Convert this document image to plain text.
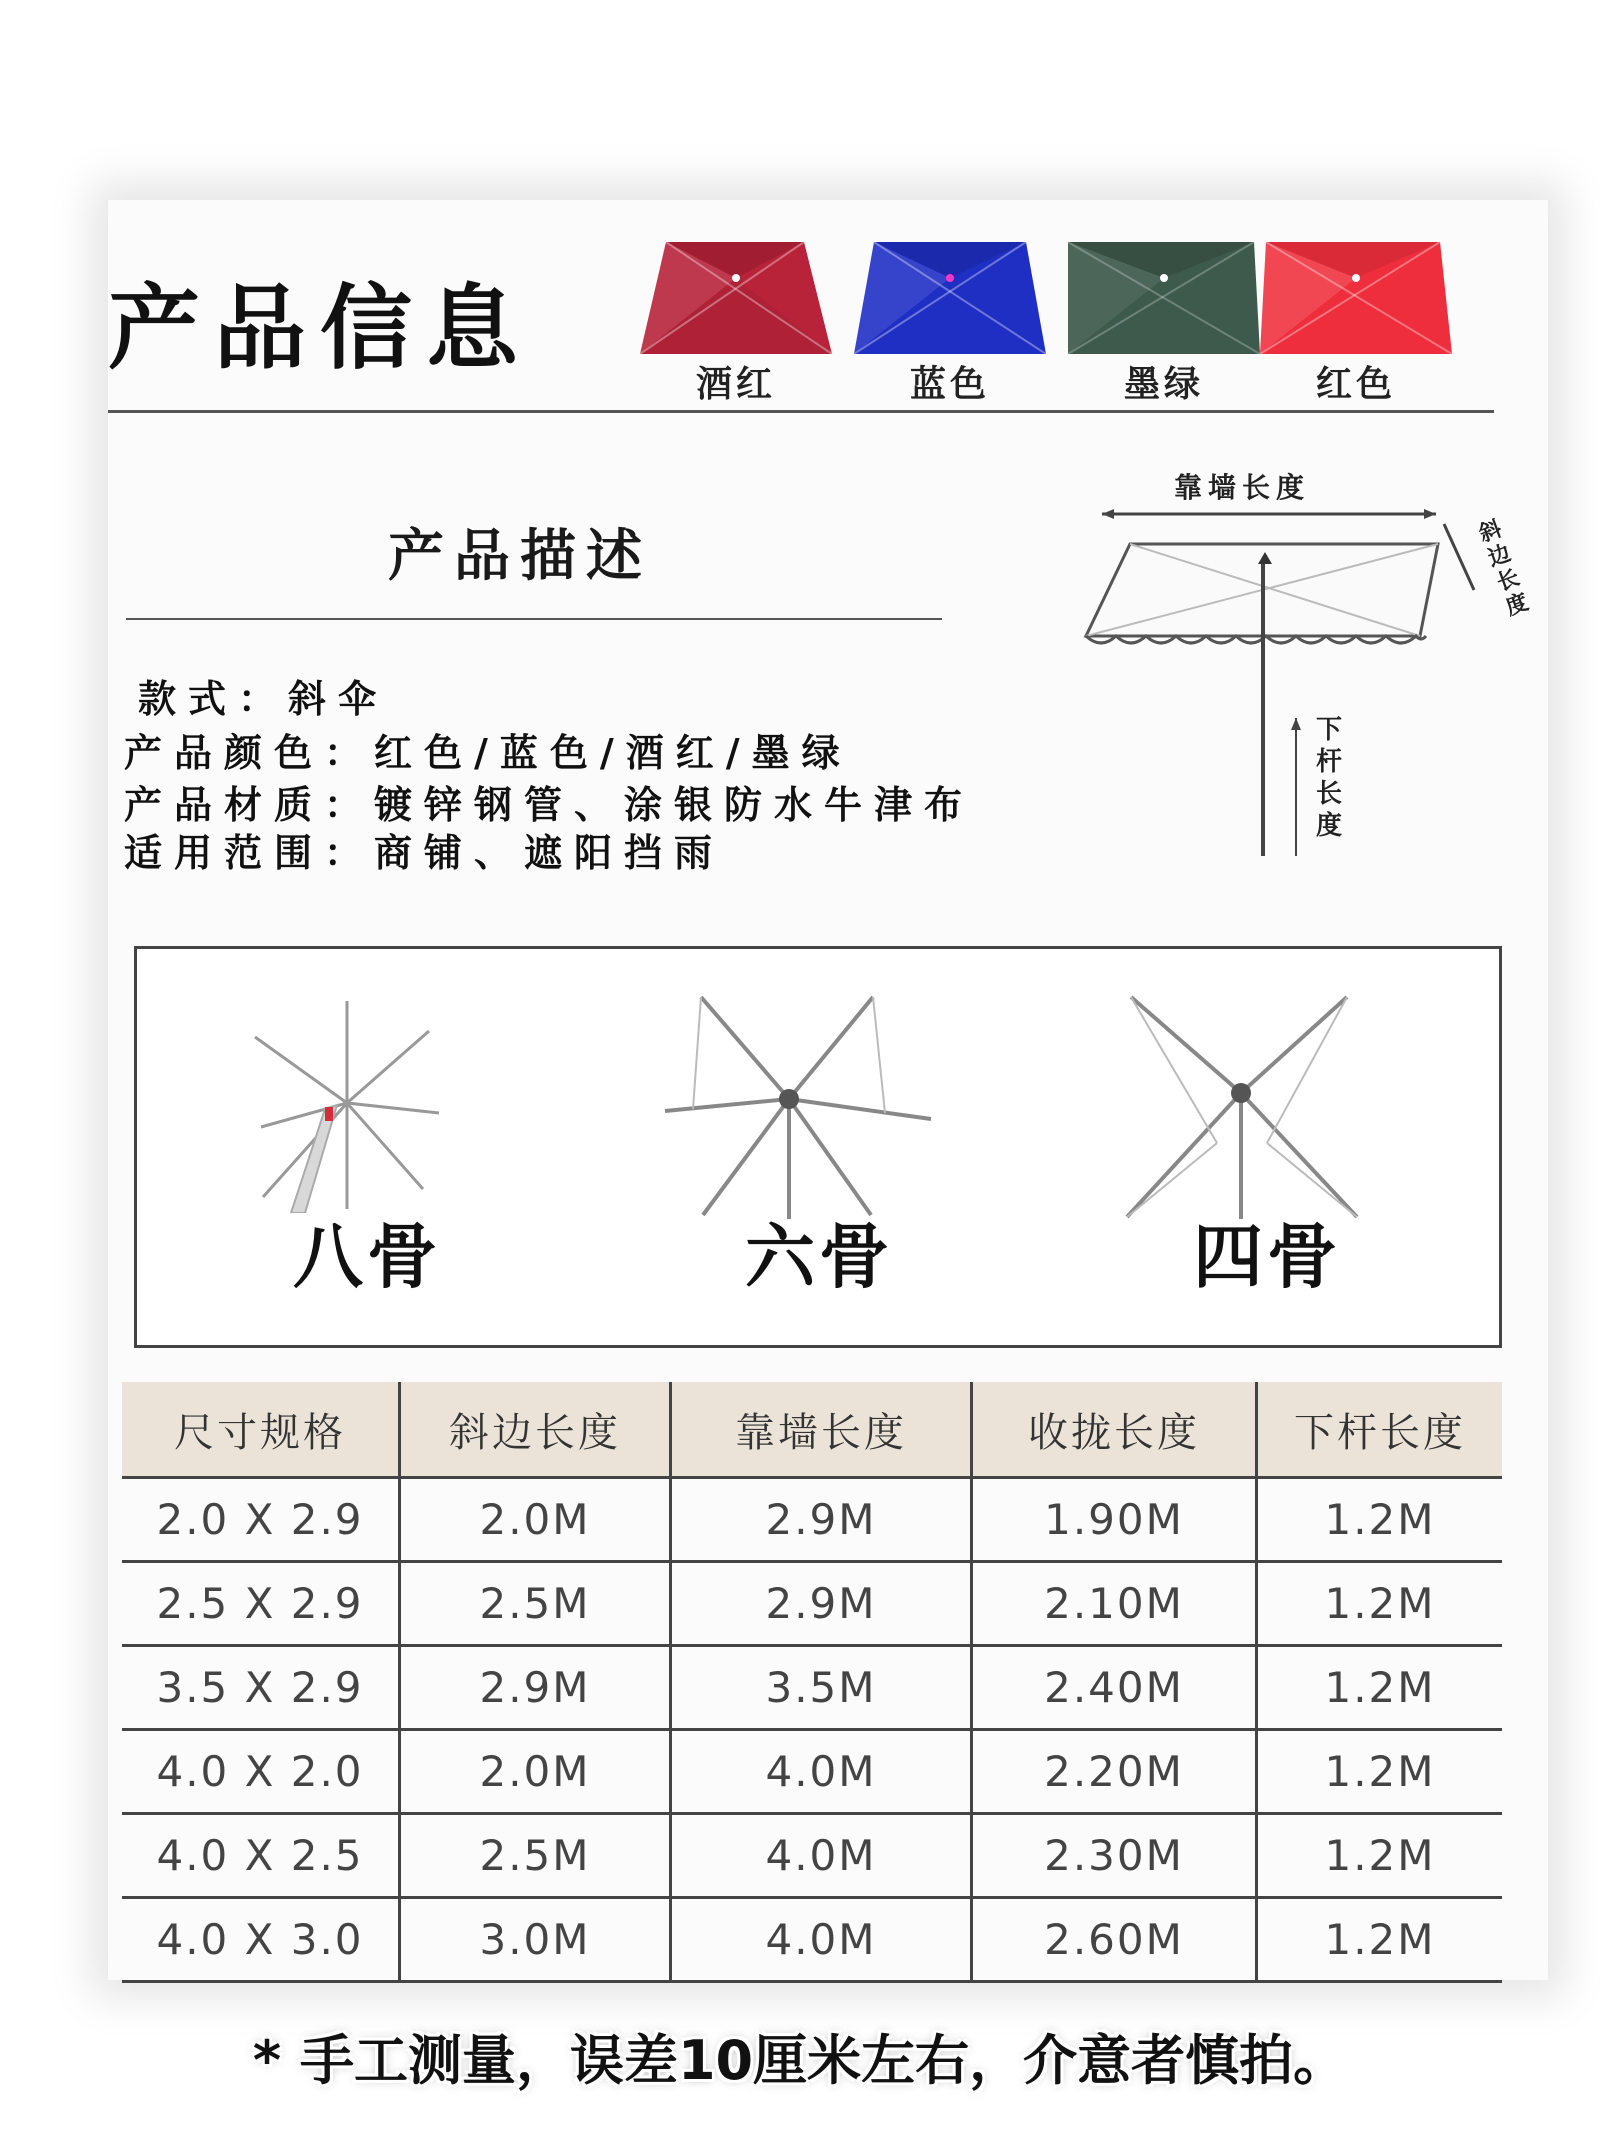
产品信息
酒红	蓝色	墨绿	红色
产品描述
款式：斜伞
产品颜色：红色/蓝色/酒红/墨绿
产品材质：镀锌钢管、涂银防水牛津布
适用范围：商铺、遮阳挡雨
靠墙长度
斜边长度
下杆长度
八骨	六骨	四骨
尺寸规格	斜边长度	靠墙长度	收拢长度	下杆长度
2.0 X 2.9	2.0M	2.9M	1.90M	1.2M
2.5 X 2.9	2.5M	2.9M	2.10M	1.2M
3.5 X 2.9	2.9M	3.5M	2.40M	1.2M
4.0 X 2.0	2.0M	4.0M	2.20M	1.2M
4.0 X 2.5	2.5M	4.0M	2.30M	1.2M
4.0 X 3.0	3.0M	4.0M	2.60M	1.2M
* 手工测量，误差10厘米左右，介意者慎拍。
